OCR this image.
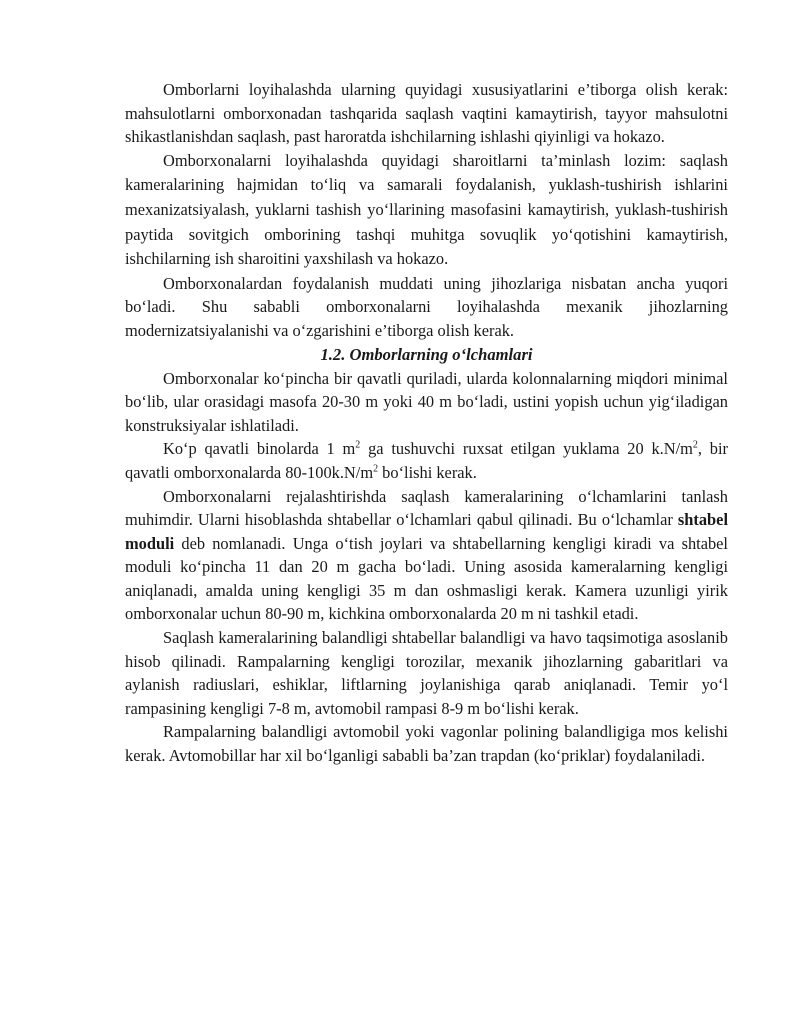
Omborlarni loyihalashda ularning quyidagi xususiyatlarini e’tiborga olish kerak: mahsulotlarni omborxonadan tashqarida saqlash vaqtini kamaytirish, tayyor mahsulotni shikastlanishdan saqlash, past haroratda ishchilarning ishlashi qiyinligi va hokazo.

Omborxonalarni loyihalashda quyidagi sharoitlarni ta’minlash lozim: saqlash kameralarining hajmidan to‘liq va samarali foydalanish, yuklash-tushirish ishlarini mexanizatsiyalash, yuklarni tashish yo‘llarining masofasini kamaytirish, yuklash-tushirish paytida sovitgich omborining tashqi muhitga sovuqlik yo‘qotishini kamaytirish, ishchilarning ish sharoitini yaxshilash va hokazo.

Omborxonalardan foydalanish muddati uning jihozlariga nisbatan ancha yuqori bo‘ladi. Shu sababli omborxonalarni loyihalashda mexanik jihozlarning modernizatsiyalanishi va o‘zgarishini e’tiborga olish kerak.

1.2. Omborlarning o‘lchamlari

Omborxonalar ko‘pincha bir qavatli quriladi, ularda kolonnalarning miqdori minimal bo‘lib, ular orasidagi masofa 20-30 m yoki 40 m bo‘ladi, ustini yopish uchun yig‘iladigan konstruksiyalar ishlatiladi.

Ko‘p qavatli binolarda 1 $m^2$ ga tushuvchi ruxsat etilgan yuklama 20 $k.N/m^2$, bir qavatli omborxonalarda $80-100k.N/m^2$ bo‘lishi kerak.

Omborxonalarni rejalashtirishda saqlash kameralarining o‘lchamlarini tanlash muhimdir. Ularni hisoblashda shtabellar o‘lchamlari qabul qilinadi. Bu o‘lchamlar shtabel moduli deb nomlanadi. Unga o‘tish joylari va shtabellarning kengligi kiradi va shtabel moduli ko‘pincha 11 dan 20 m gacha bo‘ladi. Uning asosida kameralarning kengligi aniqlanadi, amalda uning kengligi 35 m dan oshmasligi kerak. Kamera uzunligi yirik omborxonalar uchun 80-90 m, kichkina omborxonalarda 20 m ni tashkil etadi.

Saqlash kameralarining balandligi shtabellar balandligi va havo taqsimotiga asoslanib hisob qilinadi. Rampalarning kengligi torozilar, mexanik jihozlarning gabaritlari va aylanish radiuslari, eshiklar, liftlarning joylanishiga qarab aniqlanadi. Temir yo‘l rampasining kengligi 7-8 m, avtomobil rampasi 8-9 m bo‘lishi kerak.

Rampalarning balandligi avtomobil yoki vagonlar polining balandligiga mos kelishi kerak. Avtomobillar har xil bo‘lganligi sababli ba’zan trapdan (ko‘priklar) foydalaniladi.
